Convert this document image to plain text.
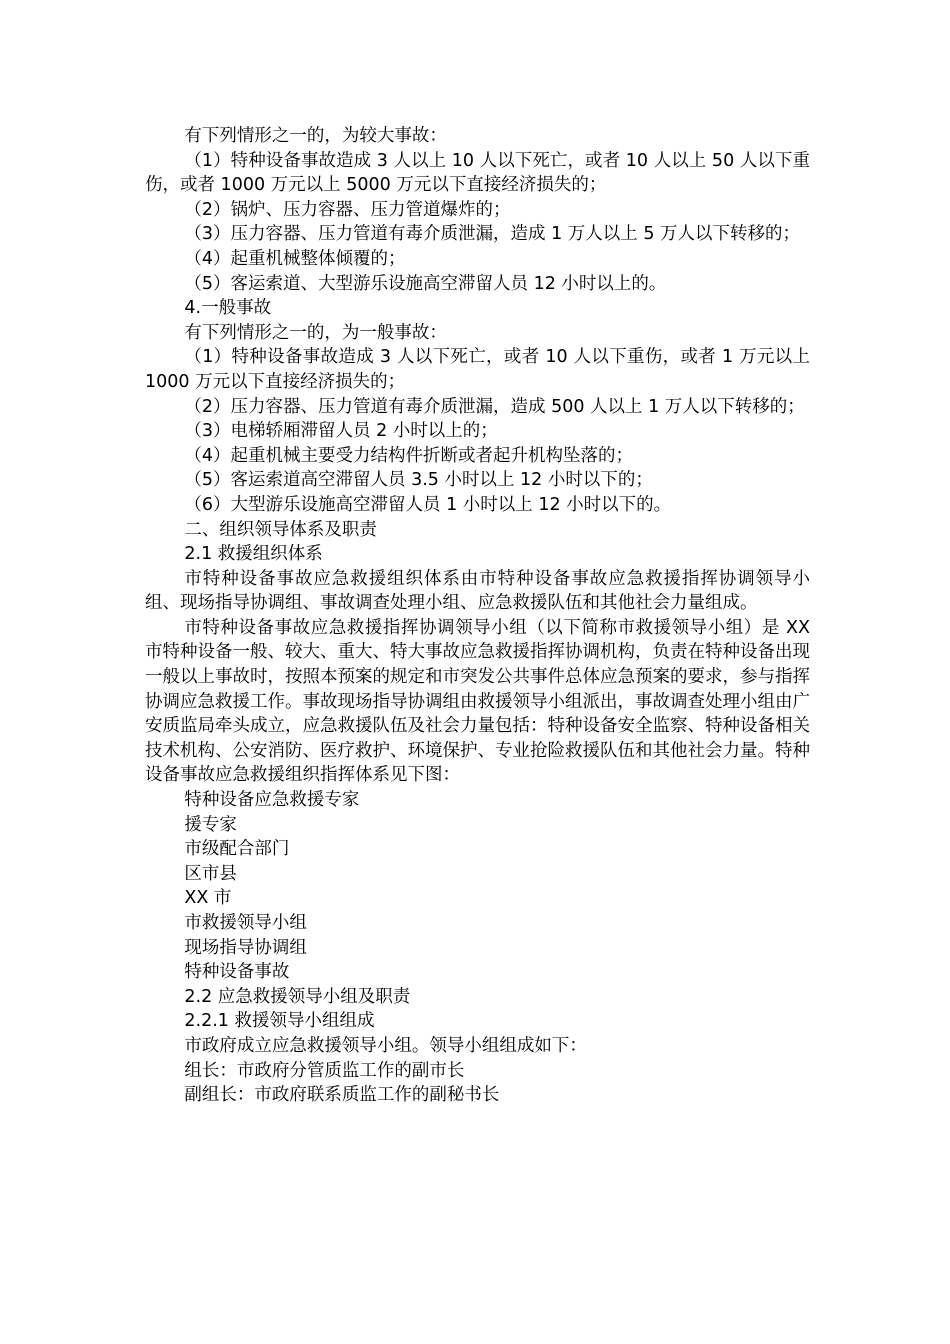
有下列情形之一的，为较大事故：

（1）特种设备事故造成 3 人以上 10 人以下死亡，或者 10 人以上 50 人以下重伤，或者 1000 万元以上 5000 万元以下直接经济损失的；

（2）锅炉、压力容器、压力管道爆炸的；

（3）压力容器、压力管道有毒介质泄漏，造成 1 万人以上 5 万人以下转移的；

（4）起重机械整体倾覆的；

（5）客运索道、大型游乐设施高空滞留人员 12 小时以上的。

4.一般事故

有下列情形之一的，为一般事故：

（1）特种设备事故造成 3 人以下死亡，或者 10 人以下重伤，或者 1 万元以上 1000 万元以下直接经济损失的；

（2）压力容器、压力管道有毒介质泄漏，造成 500 人以上 1 万人以下转移的；

（3）电梯轿厢滞留人员 2 小时以上的；

（4）起重机械主要受力结构件折断或者起升机构坠落的；

（5）客运索道高空滞留人员 3.5 小时以上 12 小时以下的；

（6）大型游乐设施高空滞留人员 1 小时以上 12 小时以下的。

二、组织领导体系及职责

2.1 救援组织体系

市特种设备事故应急救援组织体系由市特种设备事故应急救援指挥协调领导小组、现场指导协调组、事故调查处理小组、应急救援队伍和其他社会力量组成。

市特种设备事故应急救援指挥协调领导小组（以下简称市救援领导小组）是 XX 市特种设备一般、较大、重大、特大事故应急救援指挥协调机构，负责在特种设备出现一般以上事故时，按照本预案的规定和市突发公共事件总体应急预案的要求，参与指挥协调应急救援工作。事故现场指导协调组由救援领导小组派出，事故调查处理小组由广安质监局牵头成立，应急救援队伍及社会力量包括：特种设备安全监察、特种设备相关技术机构、公安消防、医疗救护、环境保护、专业抢险救援队伍和其他社会力量。特种设备事故应急救援组织指挥体系见下图：

特种设备应急救援专家

援专家

市级配合部门

区市县

XX 市

市救援领导小组

现场指导协调组

特种设备事故

2.2 应急救援领导小组及职责

2.2.1 救援领导小组组成

市政府成立应急救援领导小组。领导小组组成如下：

组长：市政府分管质监工作的副市长

副组长：市政府联系质监工作的副秘书长
